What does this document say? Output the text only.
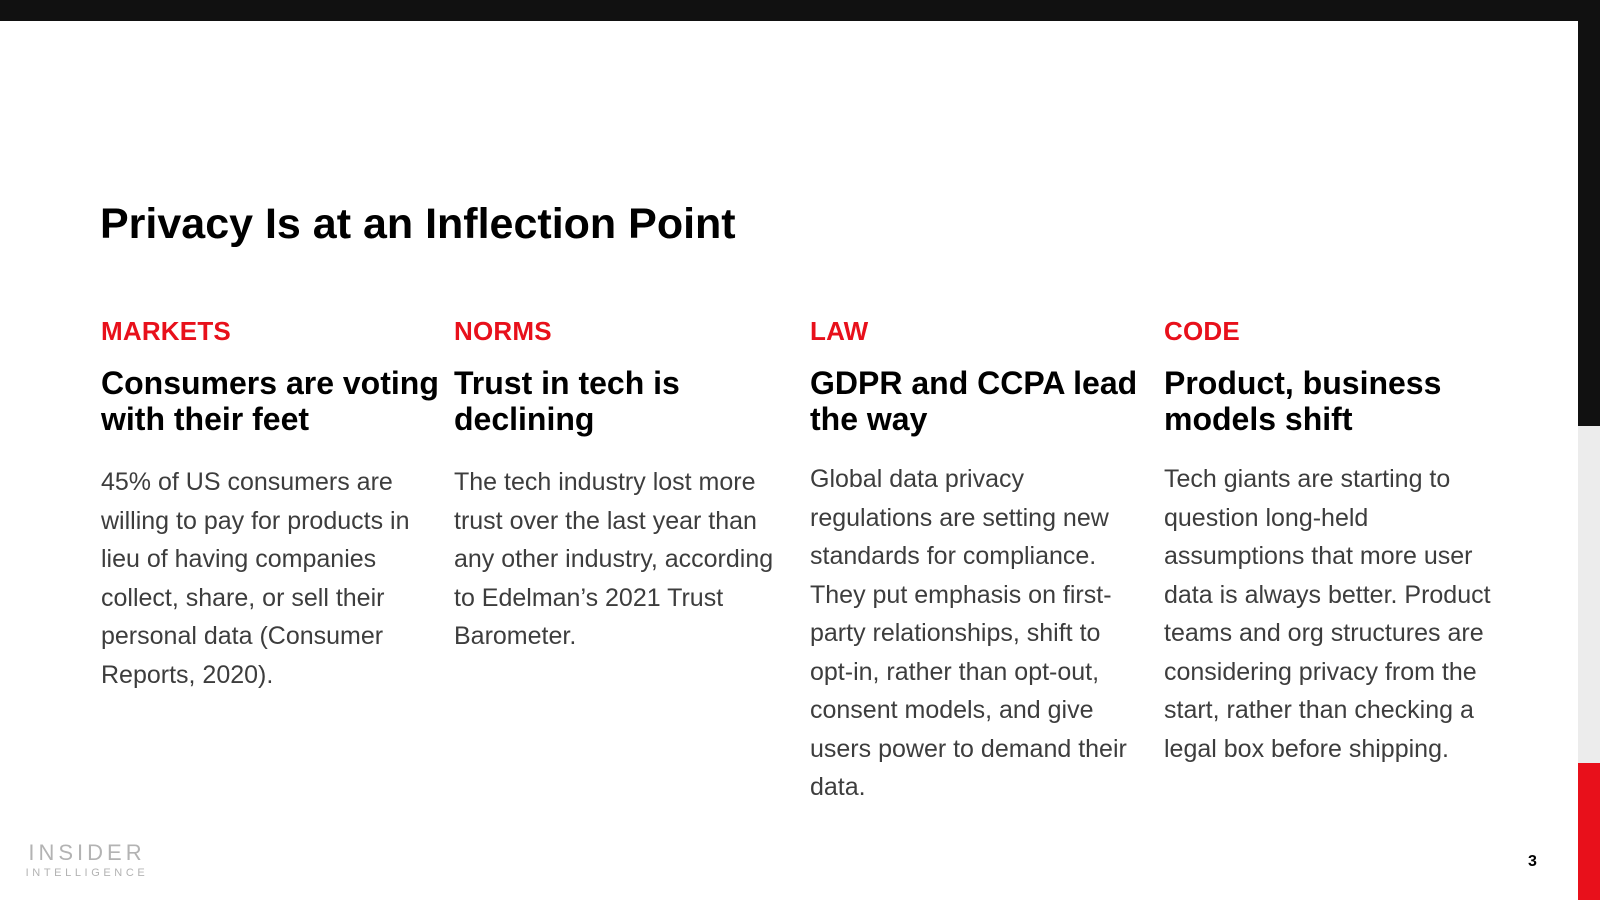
Privacy Is at an Inflection Point
MARKETS
Consumers are voting with their feet
45% of US consumers are willing to pay for products in lieu of having companies collect, share, or sell their personal data (Consumer Reports, 2020).
NORMS
Trust in tech is declining
The tech industry lost more trust over the last year than any other industry, according to Edelman’s 2021 Trust Barometer.
LAW
GDPR and CCPA lead the way
Global data privacy regulations are setting new standards for compliance. They put emphasis on first-party relationships, shift to opt-in, rather than opt-out, consent models, and give users power to demand their data.
CODE
Product, business models shift
Tech giants are starting to question long-held assumptions that more user data is always better. Product teams and org structures are considering privacy from the start, rather than checking a legal box before shipping.
INSIDER
INTELLIGENCE
3
